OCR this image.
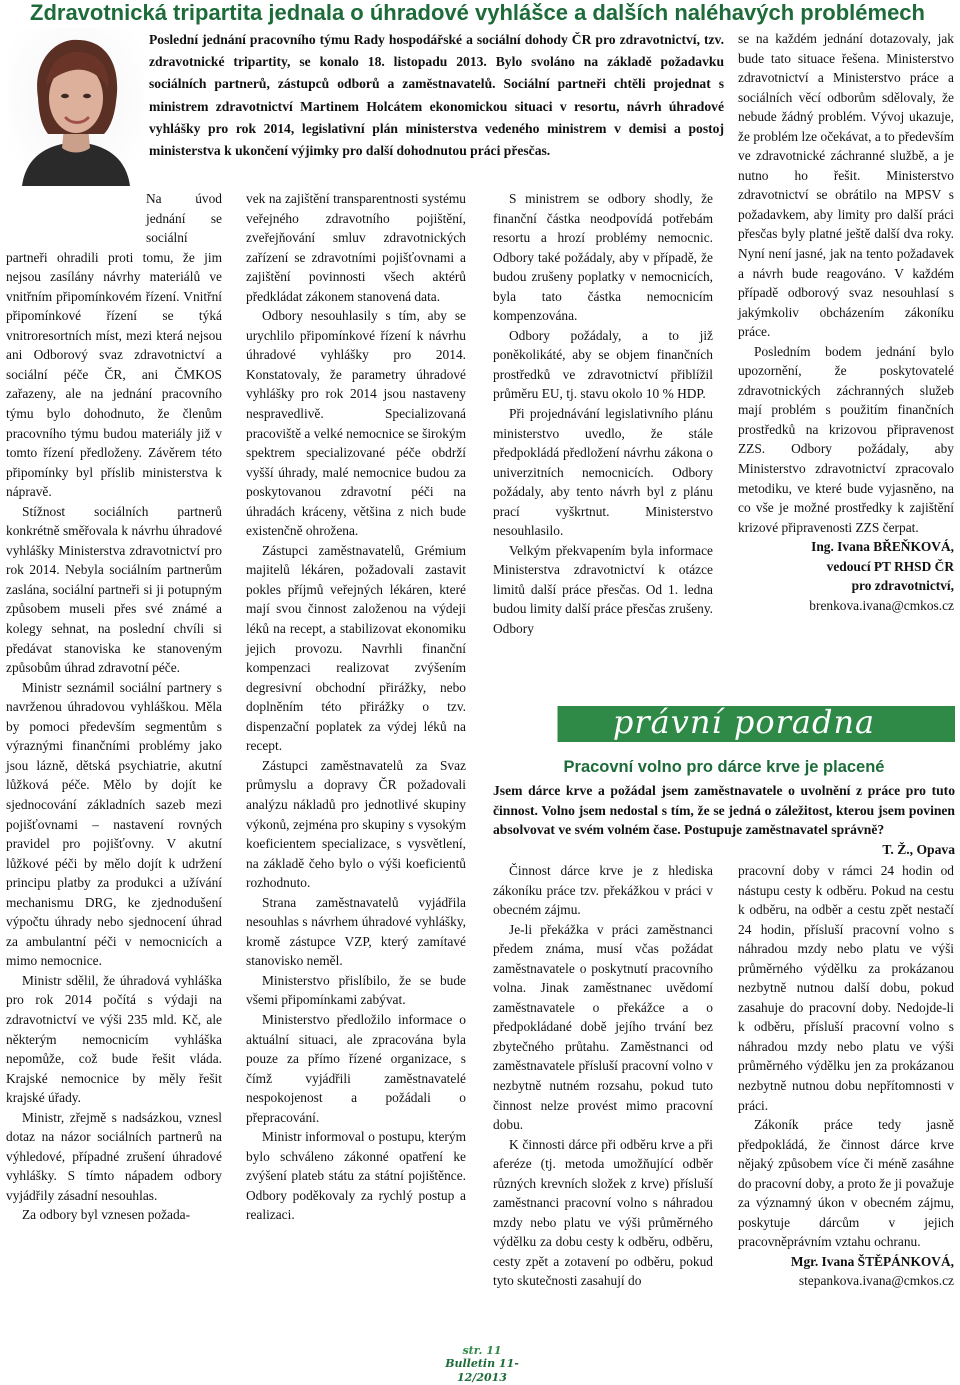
Zdravotnická tripartita jednala o úhradové vyhlášce a dalších naléhavých problémech

Poslední jednání pracovního týmu Rady hospodářské a sociální dohody ČR pro zdravotnictví, tzv. zdravotnické tripartity, se konalo 18. listopadu 2013. Bylo svoláno na základě požadavku sociálních partnerů, zástupců odborů a zaměstnavatelů. Sociální partneři chtěli projednat s ministrem zdravotnictví Martinem Holcátem ekonomickou situaci v resortu, návrh úhradové vyhlášky pro rok 2014, legislativní plán ministerstva vedeného ministrem v demisi a postoj ministerstva k ukončení výjimky pro další dohodnutou práci přesčas.

Na úvod jednání se sociální partneři ohradili proti tomu, že jim nejsou zasílány návrhy materiálů ve vnitřním připomínkovém řízení. Vnitřní připomínkové řízení se týká vnitroresortních míst, mezi která nejsou ani Odborový svaz zdravotnictví a sociální péče ČR, ani ČMKOS zařazeny, ale na jednání pracovního týmu bylo dohodnuto, že členům pracovního týmu budou materiály již v tomto řízení předloženy. Závěrem této připomínky byl příslib ministerstva k nápravě.

Stížnost sociálních partnerů konkrétně směřovala k návrhu úhradové vyhlášky Ministerstva zdravotnictví pro rok 2014. Nebyla sociálním partnerům zaslána, sociální partneři si ji potupným způsobem museli přes své známé a kolegy sehnat, na poslední chvíli si předávat stanoviska ke stanoveným způsobům úhrad zdravotní péče.

Ministr seznámil sociální partnery s navrženou úhradovou vyhláškou. Měla by pomoci především segmentům s výraznými finančními problémy jako jsou lázně, dětská psychiatrie, akutní lůžková péče. Mělo by dojít ke sjednocování základních sazeb mezi pojišťovnami – nastavení rovných pravidel pro pojišťovny. V akutní lůžkové péči by mělo dojít k udržení principu platby za produkci a užívání mechanismu DRG, ke zjednodušení výpočtu úhrady nebo sjednocení úhrad za ambulantní péči v nemocnicích a mimo nemocnice.

Ministr sdělil, že úhradová vyhláška pro rok 2014 počítá s výdaji na zdravotnictví ve výši 235 mld. Kč, ale některým nemocnicím vyhláška nepomůže, což bude řešit vláda. Krajské nemocnice by měly řešit krajské úřady.

Ministr, zřejmě s nadsázkou, vznesl dotaz na názor sociálních partnerů na výhledové, případné zrušení úhradové vyhlášky. S tímto nápadem odbory vyjádřily zásadní nesouhlas.

Za odbory byl vznesen požada-

vek na zajištění transparentnosti systému veřejného zdravotního pojištění, zveřejňování smluv zdravotnických zařízení se zdravotními pojišťovnami a zajištění povinnosti všech aktérů předkládat zákonem stanovená data.

Odbory nesouhlasily s tím, aby se urychlilo připomínkové řízení k návrhu úhradové vyhlášky pro 2014. Konstatovaly, že parametry úhradové vyhlášky pro rok 2014 jsou nastaveny nespravedlivě. Specializovaná pracoviště a velké nemocnice se širokým spektrem specializované péče obdrží vyšší úhrady, malé nemocnice budou za poskytovanou zdravotní péči na úhradách kráceny, většina z nich bude existenčně ohrožena.

Zástupci zaměstnavatelů, Grémium majitelů lékáren, požadovali zastavit pokles příjmů veřejných lékáren, které mají svou činnost založenou na výdeji léků na recept, a stabilizovat ekonomiku jejich provozu. Navrhli finanční kompenzaci realizovat zvýšením degresivní obchodní přirážky, nebo doplněním této přirážky o tzv. dispenzační poplatek za výdej léků na recept.

Zástupci zaměstnavatelů za Svaz průmyslu a dopravy ČR požadovali analýzu nákladů pro jednotlivé skupiny výkonů, zejména pro skupiny s vysokým koeficientem specializace, s vysvětlení, na základě čeho bylo o výši koeficientů rozhodnuto.

Strana zaměstnavatelů vyjádřila nesouhlas s návrhem úhradové vyhlášky, kromě zástupce VZP, který zamítavé stanovisko neměl.

Ministerstvo přislíbilo, že se bude všemi připomínkami zabývat.

Ministerstvo předložilo informace o aktuální situaci, ale zpracována byla pouze za přímo řízené organizace, s čímž vyjádřili zaměstnavatelé nespokojenost a požádali o přepracování.

Ministr informoval o postupu, kterým bylo schváleno zákonné opatření ke zvýšení plateb státu za státní pojištěnce. Odbory poděkovaly za rychlý postup a realizaci.

S ministrem se odbory shodly, že finanční částka neodpovídá potřebám resortu a hrozí problémy nemocnic. Odbory také požádaly, aby v případě, že budou zrušeny poplatky v nemocnicích, byla tato částka nemocnicím kompenzována.

Odbory požádaly, a to již poněkolikáté, aby se objem finančních prostředků ve zdravotnictví přiblížil průměru EU, tj. stavu okolo 10 % HDP.

Při projednávání legislativního plánu ministerstvo uvedlo, že stále předpokládá předložení návrhu zákona o univerzitních nemocnicích. Odbory požádaly, aby tento návrh byl z plánu prací vyškrtnut. Ministerstvo nesouhlasilo.

Velkým překvapením byla informace Ministerstva zdravotnictví k otázce limitů další práce přesčas. Od 1. ledna budou limity další práce přesčas zrušeny. Odbory

se na každém jednání dotazovaly, jak bude tato situace řešena. Ministerstvo zdravotnictví a Ministerstvo práce a sociálních věcí odborům sdělovaly, že nebude žádný problém. Vývoj ukazuje, že problém lze očekávat, a to především ve zdravotnické záchranné službě, a je nutno ho řešit. Ministerstvo zdravotnictví se obrátilo na MPSV s požadavkem, aby limity pro další práci přesčas byly platné ještě další dva roky. Nyní není jasné, jak na tento požadavek a návrh bude reagováno. V každém případě odborový svaz nesouhlasí s jakýmkoliv obcházením zákoníku práce.

Posledním bodem jednání bylo upozornění, že poskytovatelé zdravotnických záchranných služeb mají problém s použitím finančních prostředků na krizovou připravenost ZZS. Odbory požádaly, aby Ministerstvo zdravotnictví zpracovalo metodiku, ve které bude vyjasněno, na co vše je možné prostředky k zajištění krizové připravenosti ZZS čerpat.

Ing. Ivana BŘEŇKOVÁ,
vedoucí PT RHSD ČR
pro zdravotnictví,
brenkova.ivana@cmkos.cz

právní poradna
Pracovní volno pro dárce krve je placené

Jsem dárce krve a požádal jsem zaměstnavatele o uvolnění z práce pro tuto činnost. Volno jsem nedostal s tím, že se jedná o záležitost, kterou jsem povinen absolvovat ve svém volném čase. Postupuje zaměstnavatel správně?
T. Ž., Opava

Činnost dárce krve je z hlediska zákoníku práce tzv. překážkou v práci v obecném zájmu.

Je-li překážka v práci zaměstnanci předem známa, musí včas požádat zaměstnavatele o poskytnutí pracovního volna. Jinak zaměstnanec uvědomí zaměstnavatele o překážce a o předpokládané době jejího trvání bez zbytečného průtahu. Zaměstnanci od zaměstnavatele přísluší pracovní volno v nezbytně nutném rozsahu, pokud tuto činnost nelze provést mimo pracovní dobu.

K činnosti dárce při odběru krve a při aferéze (tj. metoda umožňující odběr různých krevních složek z krve) přísluší zaměstnanci pracovní volno s náhradou mzdy nebo platu ve výši průměrného výdělku za dobu cesty k odběru, odběru, cesty zpět a zotavení po odběru, pokud tyto skutečnosti zasahují do

pracovní doby v rámci 24 hodin od nástupu cesty k odběru. Pokud na cestu k odběru, na odběr a cestu zpět nestačí 24 hodin, přísluší pracovní volno s náhradou mzdy nebo platu ve výši průměrného výdělku za prokázanou nezbytně nutnou další dobu, pokud zasahuje do pracovní doby. Nedojde-li k odběru, přísluší pracovní volno s náhradou mzdy nebo platu ve výši průměrného výdělku jen za prokázanou nezbytně nutnou dobu nepřítomnosti v práci.

Zákoník práce tedy jasně předpokládá, že činnost dárce krve nějaký způsobem více či méně zasáhne do pracovní doby, a proto že ji považuje za významný úkon v obecném zájmu, poskytuje dárcům v jejich pracovněprávním vztahu ochranu.

Mgr. Ivana ŠTĚPÁNKOVÁ,
stepankova.ivana@cmkos.cz

str. 11
Bulletin 11-12/2013
